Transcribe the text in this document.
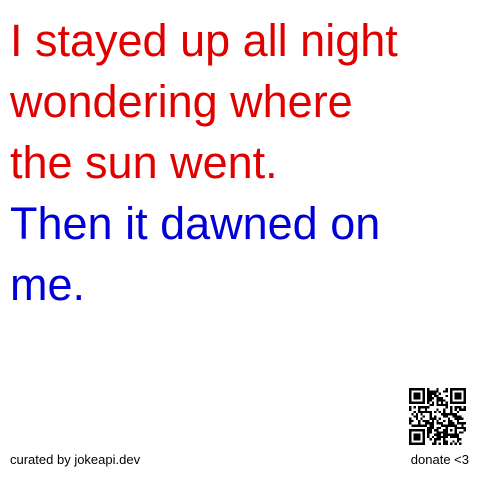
I stayed up all night
wondering where
the sun went.

Then it dawned on
me.

curated by jokeapi.dev	donate <3
